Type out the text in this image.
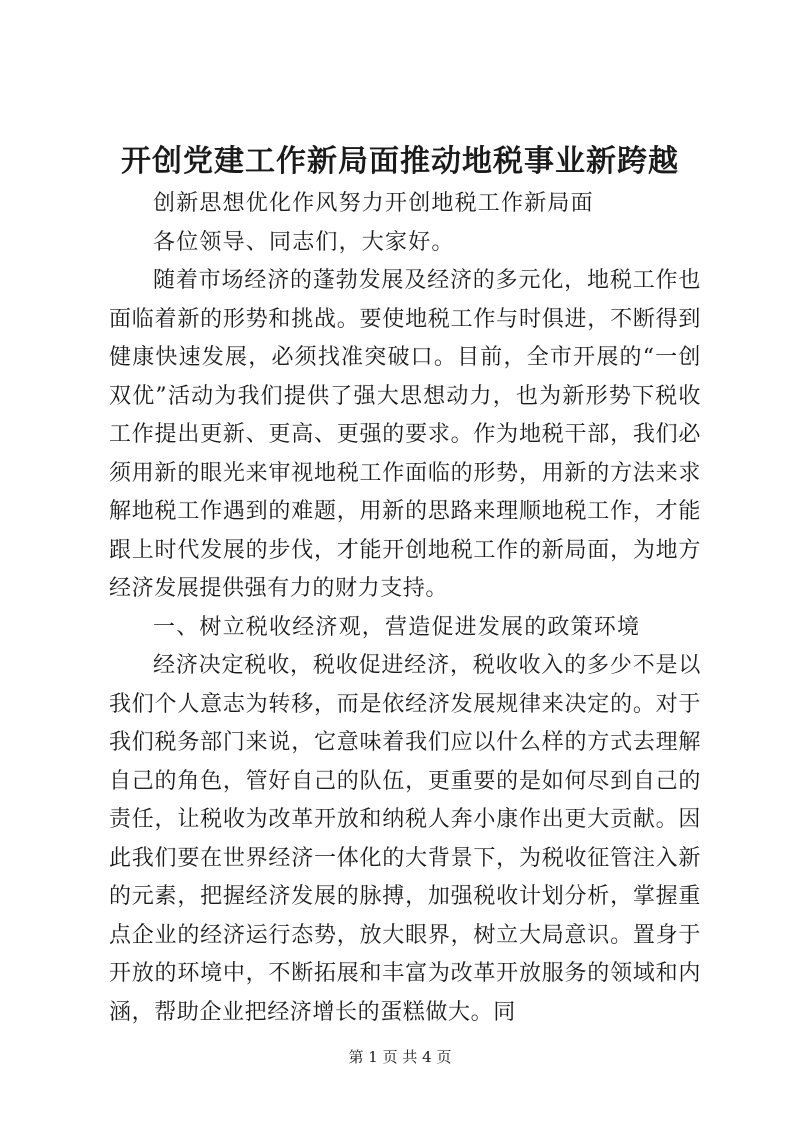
开创党建工作新局面推动地税事业新跨越

创新思想优化作风努力开创地税工作新局面

各位领导、同志们，大家好。

随着市场经济的蓬勃发展及经济的多元化，地税工作也面临着新的形势和挑战。要使地税工作与时俱进，不断得到健康快速发展，必须找准突破口。目前，全市开展的“一创双优”活动为我们提供了强大思想动力，也为新形势下税收工作提出更新、更高、更强的要求。作为地税干部，我们必须用新的眼光来审视地税工作面临的形势，用新的方法来求解地税工作遇到的难题，用新的思路来理顺地税工作，才能跟上时代发展的步伐，才能开创地税工作的新局面，为地方经济发展提供强有力的财力支持。

一、树立税收经济观，营造促进发展的政策环境

经济决定税收，税收促进经济，税收收入的多少不是以我们个人意志为转移，而是依经济发展规律来决定的。对于我们税务部门来说，它意味着我们应以什么样的方式去理解自己的角色，管好自己的队伍，更重要的是如何尽到自己的责任，让税收为改革开放和纳税人奔小康作出更大贡献。因此我们要在世界经济一体化的大背景下，为税收征管注入新的元素，把握经济发展的脉搏，加强税收计划分析，掌握重点企业的经济运行态势，放大眼界，树立大局意识。置身于开放的环境中，不断拓展和丰富为改革开放服务的领域和内涵，帮助企业把经济增长的蛋糕做大。同

第 1 页 共 4 页
